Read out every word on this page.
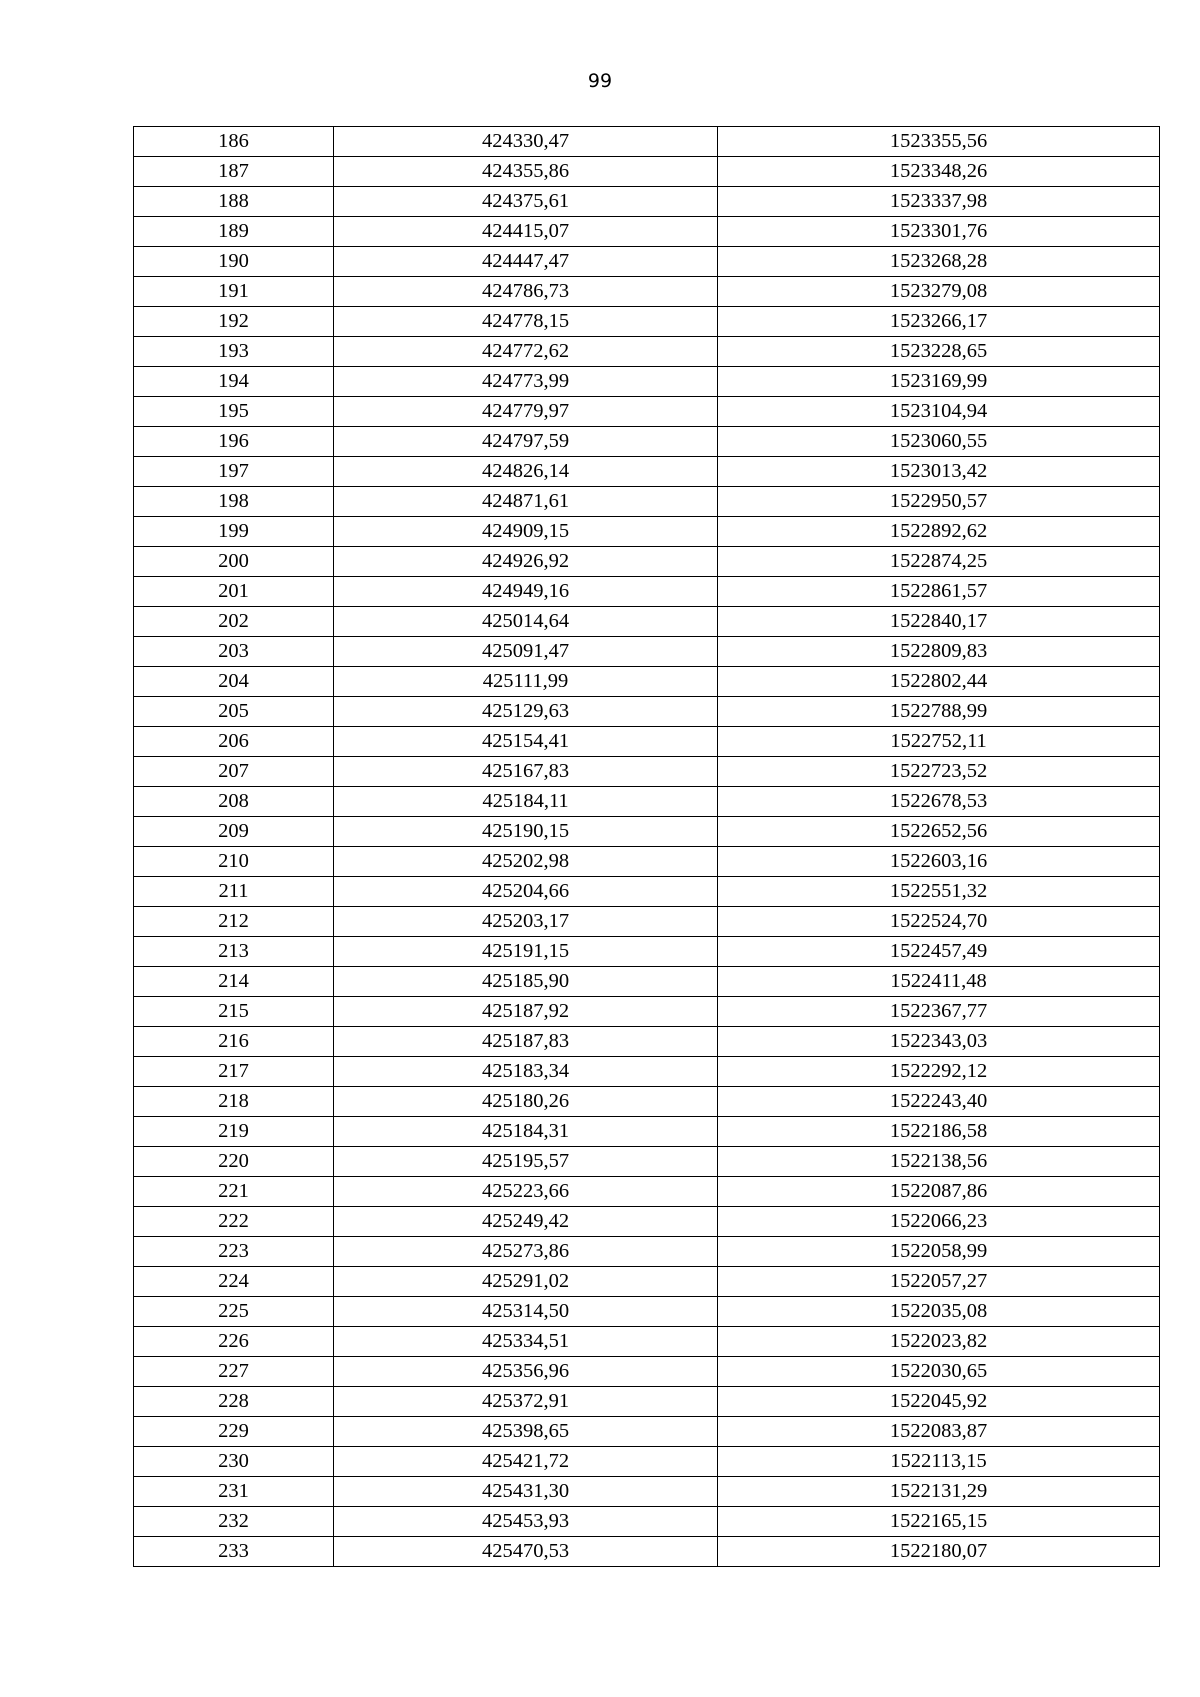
99
186	424330,47	1523355,56
187	424355,86	1523348,26
188	424375,61	1523337,98
189	424415,07	1523301,76
190	424447,47	1523268,28
191	424786,73	1523279,08
192	424778,15	1523266,17
193	424772,62	1523228,65
194	424773,99	1523169,99
195	424779,97	1523104,94
196	424797,59	1523060,55
197	424826,14	1523013,42
198	424871,61	1522950,57
199	424909,15	1522892,62
200	424926,92	1522874,25
201	424949,16	1522861,57
202	425014,64	1522840,17
203	425091,47	1522809,83
204	425111,99	1522802,44
205	425129,63	1522788,99
206	425154,41	1522752,11
207	425167,83	1522723,52
208	425184,11	1522678,53
209	425190,15	1522652,56
210	425202,98	1522603,16
211	425204,66	1522551,32
212	425203,17	1522524,70
213	425191,15	1522457,49
214	425185,90	1522411,48
215	425187,92	1522367,77
216	425187,83	1522343,03
217	425183,34	1522292,12
218	425180,26	1522243,40
219	425184,31	1522186,58
220	425195,57	1522138,56
221	425223,66	1522087,86
222	425249,42	1522066,23
223	425273,86	1522058,99
224	425291,02	1522057,27
225	425314,50	1522035,08
226	425334,51	1522023,82
227	425356,96	1522030,65
228	425372,91	1522045,92
229	425398,65	1522083,87
230	425421,72	1522113,15
231	425431,30	1522131,29
232	425453,93	1522165,15
233	425470,53	1522180,07
